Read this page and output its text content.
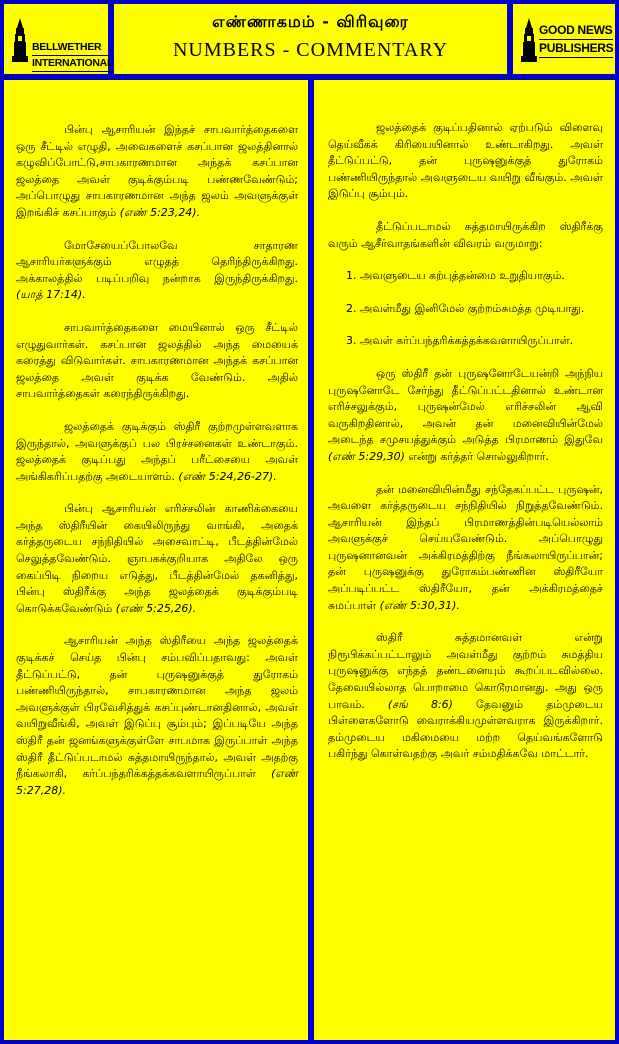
BELLWETHER
INTERNATIONAL
எண்ணாகமம் - விரிவுரை
NUMBERS - COMMENTARY
GOOD NEWS
PUBLISHERS

பின்பு ஆசாரியன் இந்தச் சாபவார்த்தைகளை ஒரு சீட்டில் எழுதி, அவைகளைச் கசப்பான ஜலத்தினால் கழுவிப்போட்டு,சாபகாரணமான அந்தக் கசப்பான ஜலத்தை அவள் குடிக்கும்படி பண்ணவேண்டும்; அப்பொழுது சாபகாரணமான அந்த ஜலம் அவளுக்குள் இறங்கிச் கசப்பாகும் (எண் 5:23,24).

மோசேயைப்போலவே சாதாரண ஆசாரியர்களுக்கும் எழுதத் தெரிந்திருக்கிறது. அக்காலத்தில் படிப்பறிவு நன்றாக இருந்திருக்கிறது. (யாத் 17:14).

சாபவார்த்தைகளை மையினால் ஒரு சீட்டில் எழுதுவார்கள். கசப்பான ஜலத்தில் அந்த மையைக் கரைத்து விடுவார்கள். சாபகாரணமான அந்தக் கசப்பான ஜலத்தை அவள் குடிக்க வேண்டும். அதில் சாபவார்த்தைகள் கரைந்திருக்கிறது.

ஜலத்தைக் குடிக்கும் ஸ்திரீ குற்றமுள்ளவளாக இருந்தால், அவளுக்குப் பல பிரச்சனைகள் உண்டாகும். ஜலத்தைக் குடிப்பது அந்தப் பரீட்சையை அவள் அங்கிகரிப்பதற்கு அடையாளம். (எண் 5:24,26-27).

பின்பு ஆசாரியன் எரிச்சலின் காணிக்கையை அந்த ஸ்திரீயின் கையிலிருந்து வாங்கி, அதைக் கர்த்தருடைய சந்நிதியில் அசைவாட்டி, பீடத்தின்மேல் செலுத்தவேண்டும். ஞாபகக்குறியாக அதிலே ஒரு கைப்பிடி நிறைய எடுத்து, பீடத்தின்மேல் தகனித்து, பின்பு ஸ்திரீக்கு அந்த ஜலத்தைக் குடிக்கும்படி கொடுக்கவேண்டும் (எண் 5:25,26).

ஆசாரியன் அந்த ஸ்திரீயை அந்த ஜலத்தைக் குடிக்கச் செய்த பின்பு சம்பவிப்பதாவது: அவள் தீட்டுப்பட்டு, தன் புருஷனுக்குத் துரோகம் பண்ணியிருந்தால், சாபகாரணமான அந்த ஜலம் அவளுக்குள் பிரவேசித்துக் கசப்புண்டானதினால், அவள் வயிறுவீங்கி, அவள் இடுப்பு சூம்பும்; இப்படியே அந்த ஸ்திரீ தன் ஜனங்களுக்குள்ளே சாபமாக இருப்பாள் அந்த ஸ்திரீ தீட்டுப்படாமல் சுத்தமாயிருந்தால், அவள் அதற்கு நீங்கலாகி, கர்ப்பந்தரிக்கத்தக்கவளாயிருப்பாள் (எண் 5:27,28).

ஜலத்தைக் குடிப்பதினால் ஏற்படும் விளைவு தெய்வீகக் கிரியையினால் உண்டாகிறது. அவள் தீட்டுப்பட்டு, தன் புருஷனுக்குத் துரோகம் பண்ணியிருந்தால் அவளுடைய வயிறு வீங்கும். அவள் இடுப்பு சூம்பும்.

தீட்டுப்படாமல் சுத்தமாயிருக்கிற ஸ்திரீக்கு வரும் ஆசீர்வாதங்களின் விவரம் வருமாறு:

1. அவளுடைய கற்புத்தன்மை உறுதியாகும்.
2. அவள்மீது இனிமேல் குற்றம்சுமத்த முடியாது.
3. அவள் கர்ப்பந்தரிக்கத்தக்கவளாயிருப்பாள்.

ஒரு ஸ்திரீ தன் புருஷனோடேயன்றி அந்நிய புருஷனோடே சேர்ந்து தீட்டுப்பட்டதினால் உண்டான எரிச்சலுக்கும், புருஷன்மேல் எரிச்சலின் ஆவி வருகிறதினால், அவன் தன் மனைவியின்மேல் அடைந்த சமுசயத்துக்கும் அடுத்த பிரமாணம் இதுவே (எண் 5:29,30) என்று கர்த்தர் சொல்லுகிறார்.

தன் மனைவியின்மீது சந்தேகப்பட்ட புருஷன், அவளை கர்த்தருடைய சந்நிதியில் நிறுத்தவேண்டும். ஆசாரியன் இந்தப் பிரமாணத்தின்படியெல்லாம் அவளுக்குச் செய்யவேண்டும். அப்பொழுது புருஷனானவன் அக்கிரமத்திற்கு நீங்கலாயிருப்பான்; தன் புருஷனுக்கு துரோகம்பண்ணின ஸ்திரீயோ அப்படிப்பட்ட ஸ்திரீயோ, தன் அக்கிரமத்தைச் சுமப்பாள் (எண் 5:30,31).

ஸ்திரீ சுத்தமானவள் என்று நிரூபிக்கப்பட்டாலும் அவள்மீது குற்றம் சுமத்திய புருஷனுக்கு எந்தத் தண்டனையும் கூறப்படவில்லை. தேவையில்லாத பொறாமை கொடூரமானது. அது ஒரு பாவம். (சங் 8:6) தேவனும் தம்முடைய பிள்ளைகளோடு வைராக்கியமுள்ளவராக இருக்கிறார். தம்முடைய மகிமையை மற்ற தெய்வங்களோடு பகிர்ந்து கொள்வதற்கு அவர் சம்மதிக்கவே மாட்டார்.
